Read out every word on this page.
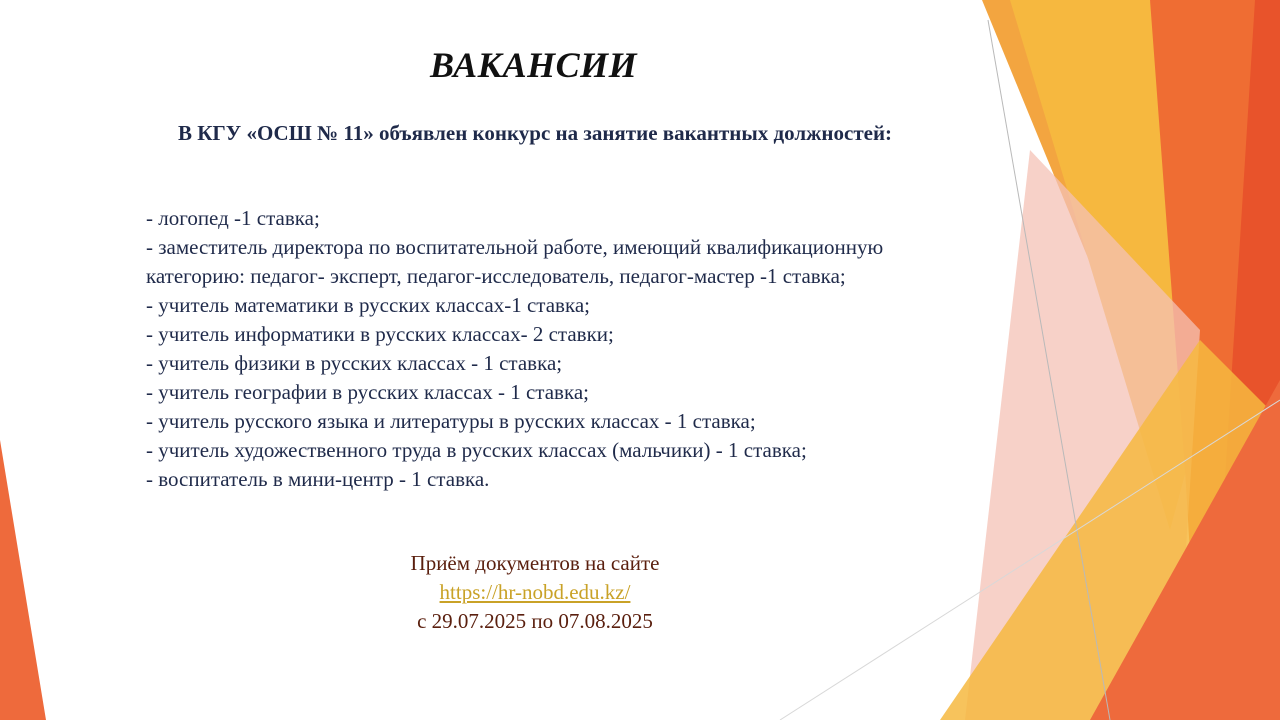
ВАКАНСИИ
В КГУ «ОСШ № 11» объявлен конкурс на занятие вакантных должностей:
- логопед -1 ставка;
- заместитель директора по воспитательной работе, имеющий квалификационную категорию: педагог- эксперт, педагог-исследователь, педагог-мастер -1 ставка;
- учитель математики в русских классах-1 ставка;
- учитель информатики в русских классах- 2 ставки;
- учитель физики в русских классах - 1 ставка;
- учитель географии в русских классах - 1 ставка;
- учитель русского языка и литературы в русских классах - 1 ставка;
- учитель художественного труда в русских классах (мальчики) - 1 ставка;
- воспитатель в мини-центр - 1 ставка.
Приём документов на сайте
https://hr-nobd.edu.kz/
с 29.07.2025 по 07.08.2025
